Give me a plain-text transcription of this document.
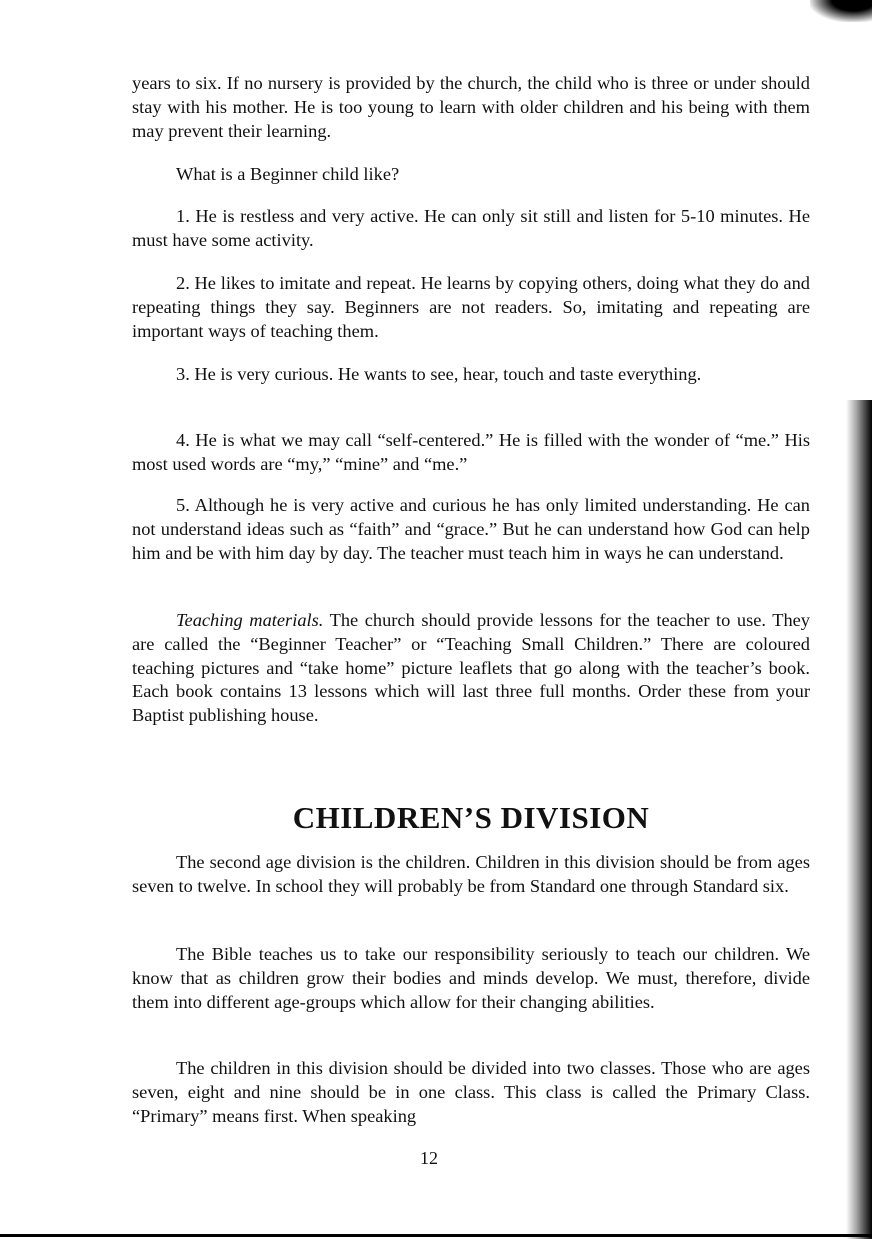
years to six. If no nursery is provided by the church, the child who is three or under should stay with his mother. He is too young to learn with older children and his being with them may prevent their learning.

What is a Beginner child like?

1. He is restless and very active. He can only sit still and listen for 5-10 minutes. He must have some activity.

2. He likes to imitate and repeat. He learns by copying others, doing what they do and repeating things they say. Beginners are not readers. So, imitating and repeating are important ways of teaching them.

3. He is very curious. He wants to see, hear, touch and taste everything.

4. He is what we may call “self-centered.” He is filled with the wonder of “me.” His most used words are “my,” “mine” and “me.”

5. Although he is very active and curious he has only limited understanding. He can not understand ideas such as “faith” and “grace.” But he can understand how God can help him and be with him day by day. The teacher must teach him in ways he can understand.

Teaching materials. The church should provide lessons for the teacher to use. They are called the “Beginner Teacher” or “Teaching Small Children.” There are coloured teaching pictures and “take home” picture leaflets that go along with the teacher’s book. Each book contains 13 lessons which will last three full months. Order these from your Baptist publishing house.

CHILDREN’S DIVISION

The second age division is the children. Children in this division should be from ages seven to twelve. In school they will probably be from Standard one through Standard six.

The Bible teaches us to take our responsibility seriously to teach our children. We know that as children grow their bodies and minds develop. We must, therefore, divide them into different age-groups which allow for their changing abilities.

The children in this division should be divided into two classes. Those who are ages seven, eight and nine should be in one class. This class is called the Primary Class. “Primary” means first. When speaking

12
